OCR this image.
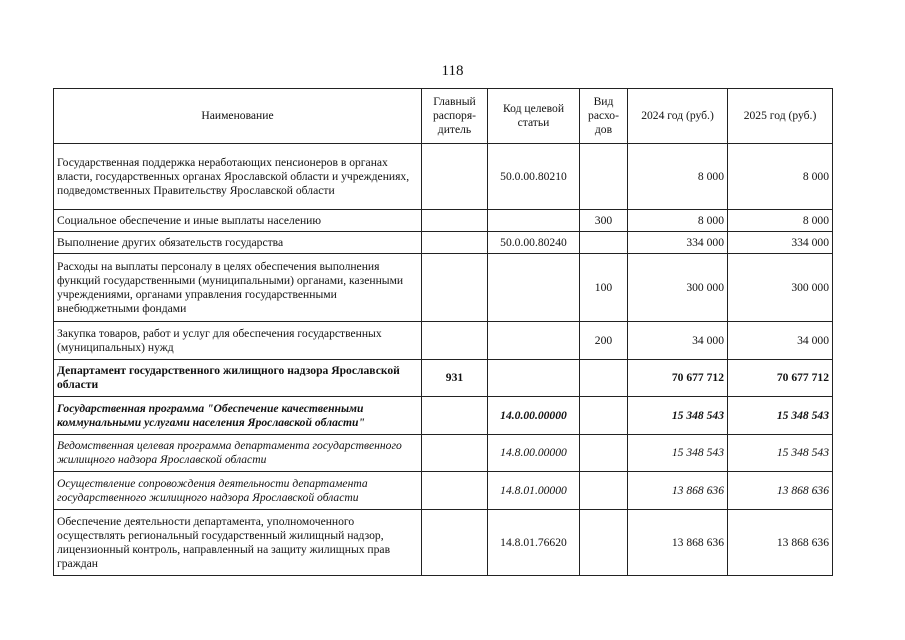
118
Наименование	Главный распоря-дитель	Код целевой статьи	Вид расхо-дов	2024 год (руб.)	2025 год (руб.)
Государственная поддержка неработающих пенсионеров в органах власти, государственных органах Ярославской области и учреждениях, подведомственных Правительству Ярославской области		50.0.00.80210		8 000	8 000
Социальное обеспечение и иные выплаты населению			300	8 000	8 000
Выполнение других обязательств государства		50.0.00.80240		334 000	334 000
Расходы на выплаты персоналу в целях обеспечения выполнения функций государственными (муниципальными) органами, казенными учреждениями, органами управления государственными внебюджетными фондами			100	300 000	300 000
Закупка товаров, работ и услуг для обеспечения государственных (муниципальных) нужд			200	34 000	34 000
Департамент государственного жилищного надзора Ярославской области	931			70 677 712	70 677 712
Государственная программа "Обеспечение качественными коммунальными услугами населения Ярославской области"		14.0.00.00000		15 348 543	15 348 543
Ведомственная целевая программа департамента государственного жилищного надзора Ярославской области		14.8.00.00000		15 348 543	15 348 543
Осуществление сопровождения деятельности департамента государственного жилищного надзора Ярославской области		14.8.01.00000		13 868 636	13 868 636
Обеспечение деятельности департамента, уполномоченного осуществлять региональный государственный жилищный надзор, лицензионный контроль, направленный на защиту жилищных прав граждан		14.8.01.76620		13 868 636	13 868 636
